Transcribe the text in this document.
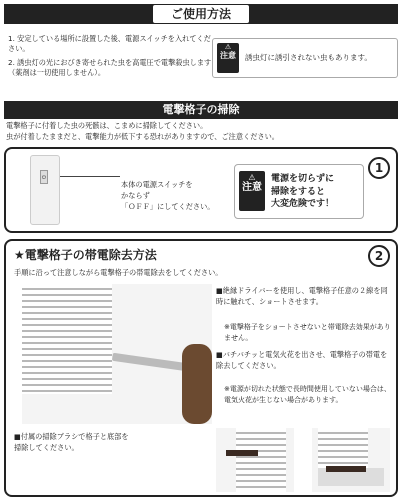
ご使用方法
1. 安定している場所に設置した後、電源スイッチを入れてください。
2. 誘虫灯の光におびき寄せられた虫を高電圧で電撃殺虫します（薬剤は一切使用しません）。
⚠
注意	誘虫灯に誘引されない虫もあります。
電撃格子の掃除
電撃格子に付着した虫の死骸は、こまめに掃除してください。
虫が付着したままだと、電撃能力が低下する恐れがありますので、ご注意ください。
⏻
本体の電源スイッチを
かならず
「ＯＦＦ」にしてください。
⚠
注意
電源を切らずに
掃除をすると
大変危険です！
1
★電撃格子の帯電除去方法	2
手順に沿って注意しながら電撃格子の帯電除去をしてください。
■絶縁ドライバーを使用し、電撃格子任意の２線を同時に触れて、ショートさせます。
※電撃格子をショートさせないと帯電除去効果がありません。
■バチバチッと電気火花を出させ、電撃格子の帯電を除去してください。
※電源が切れた状態で長時間使用していない場合は、電気火花が生じない場合があります。
■付属の掃除ブラシで格子と底部を
掃除してください。
